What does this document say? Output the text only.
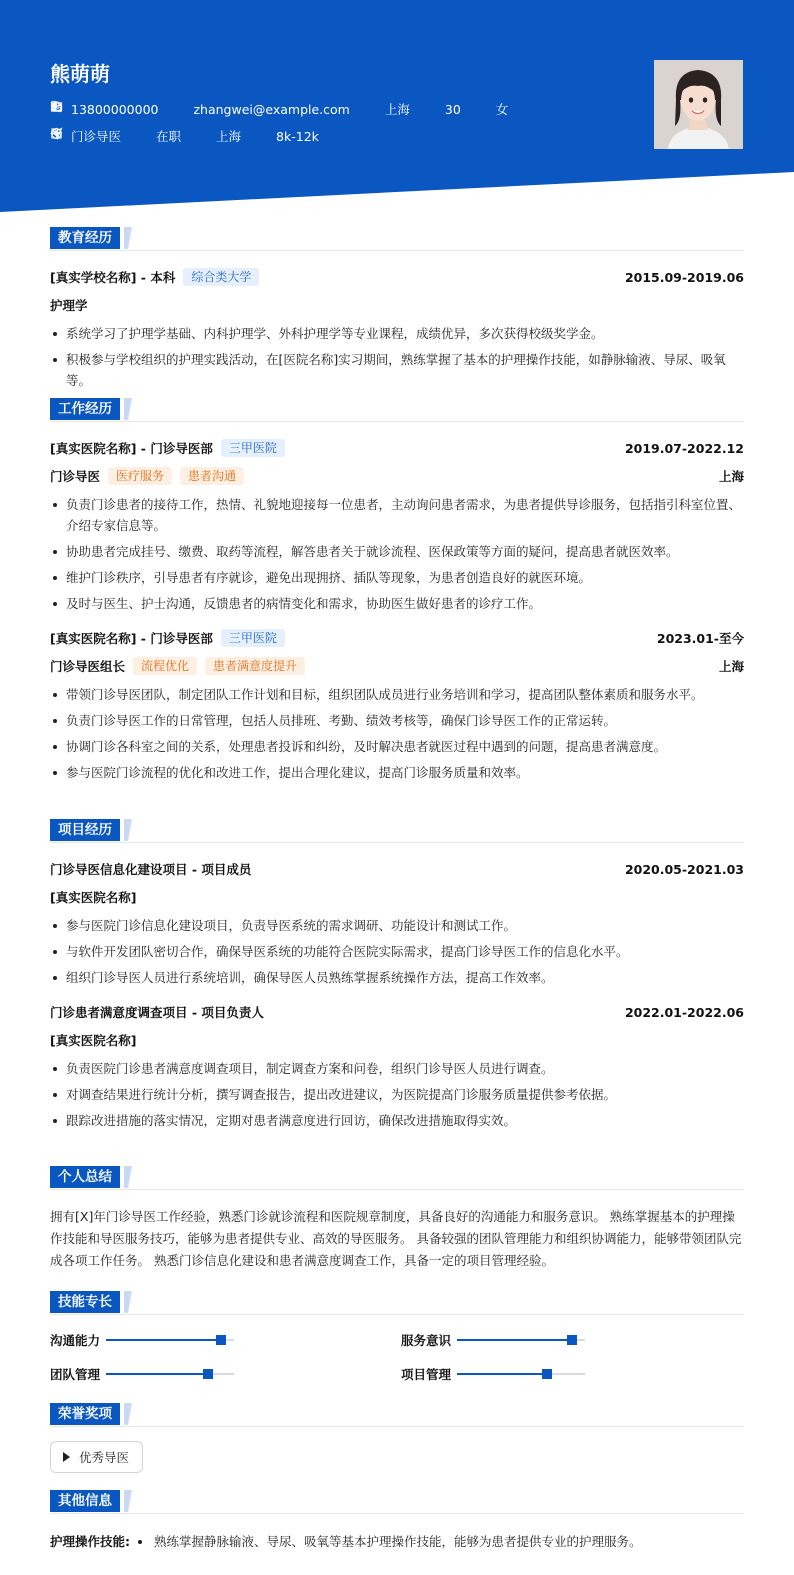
熊萌萌
13800000000	zhangwei@example.com	上海	30	女
门诊导医	在职	上海	8k-12k
教育经历
[真实学校名称] - 本科	综合类大学	2015.09-2019.06
护理学
系统学习了护理学基础、内科护理学、外科护理学等专业课程，成绩优异，多次获得校级奖学金。
积极参与学校组织的护理实践活动，在[医院名称]实习期间，熟练掌握了基本的护理操作技能，如静脉输液、导尿、吸氧等。
工作经历
[真实医院名称] - 门诊导医部	三甲医院	2019.07-2022.12
门诊导医	医疗服务	患者沟通	上海
负责门诊患者的接待工作，热情、礼貌地迎接每一位患者，主动询问患者需求，为患者提供导诊服务，包括指引科室位置、介绍专家信息等。
协助患者完成挂号、缴费、取药等流程，解答患者关于就诊流程、医保政策等方面的疑问，提高患者就医效率。
维护门诊秩序，引导患者有序就诊，避免出现拥挤、插队等现象，为患者创造良好的就医环境。
及时与医生、护士沟通，反馈患者的病情变化和需求，协助医生做好患者的诊疗工作。
[真实医院名称] - 门诊导医部	三甲医院	2023.01-至今
门诊导医组长	流程优化	患者满意度提升	上海
带领门诊导医团队，制定团队工作计划和目标，组织团队成员进行业务培训和学习，提高团队整体素质和服务水平。
负责门诊导医工作的日常管理，包括人员排班、考勤、绩效考核等，确保门诊导医工作的正常运转。
协调门诊各科室之间的关系，处理患者投诉和纠纷，及时解决患者就医过程中遇到的问题，提高患者满意度。
参与医院门诊流程的优化和改进工作，提出合理化建议，提高门诊服务质量和效率。
项目经历
门诊导医信息化建设项目 - 项目成员	2020.05-2021.03
[真实医院名称]
参与医院门诊信息化建设项目，负责导医系统的需求调研、功能设计和测试工作。
与软件开发团队密切合作，确保导医系统的功能符合医院实际需求，提高门诊导医工作的信息化水平。
组织门诊导医人员进行系统培训，确保导医人员熟练掌握系统操作方法，提高工作效率。
门诊患者满意度调查项目 - 项目负责人	2022.01-2022.06
[真实医院名称]
负责医院门诊患者满意度调查项目，制定调查方案和问卷，组织门诊导医人员进行调查。
对调查结果进行统计分析，撰写调查报告，提出改进建议，为医院提高门诊服务质量提供参考依据。
跟踪改进措施的落实情况，定期对患者满意度进行回访，确保改进措施取得实效。
个人总结
拥有[X]年门诊导医工作经验，熟悉门诊就诊流程和医院规章制度，具备良好的沟通能力和服务意识。 熟练掌握基本的护理操作技能和导医服务技巧，能够为患者提供专业、高效的导医服务。 具备较强的团队管理能力和组织协调能力，能够带领团队完成各项工作任务。 熟悉门诊信息化建设和患者满意度调查工作，具备一定的项目管理经验。
技能专长
沟通能力	服务意识
团队管理	项目管理
荣誉奖项
优秀导医
其他信息
护理操作技能:	熟练掌握静脉输液、导尿、吸氧等基本护理操作技能，能够为患者提供专业的护理服务。
